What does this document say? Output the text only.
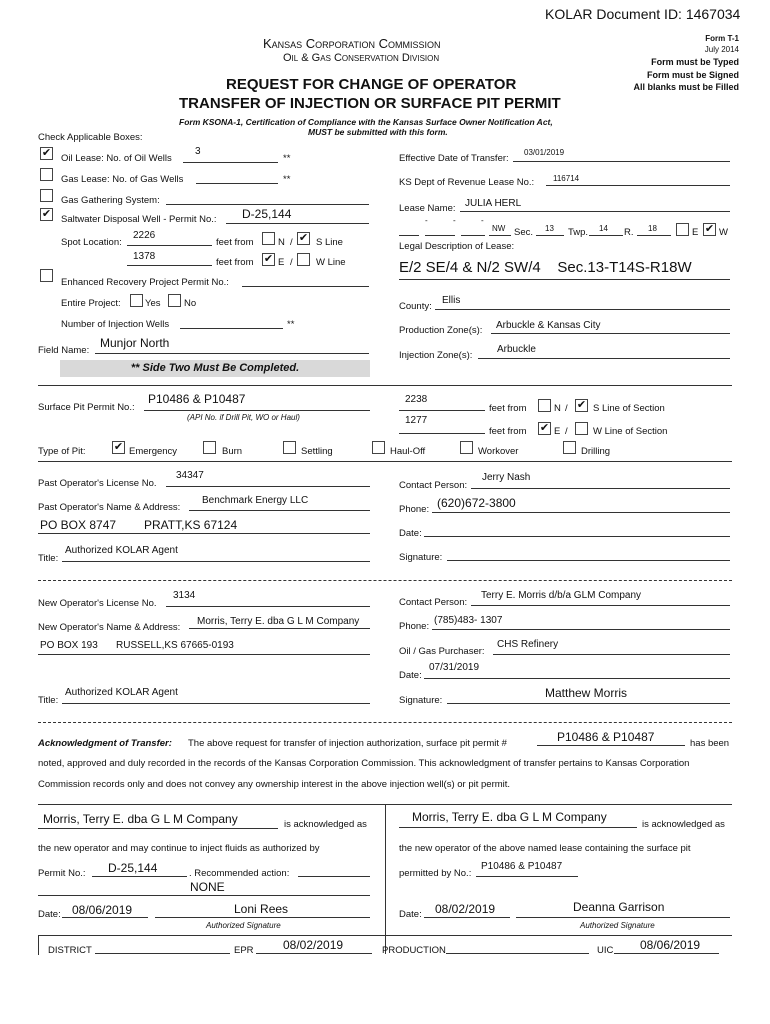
KOLAR Document ID: 1467034
Kansas Corporation Commission
Oil & Gas Conservation Division
Form T-1
July 2014
Form must be Typed
Form must be Signed
All blanks must be Filled
REQUEST FOR CHANGE OF OPERATOR
TRANSFER OF INJECTION OR SURFACE PIT PERMIT
Form KSONA-1, Certification of Compliance with the Kansas Surface Owner Notification Act,
MUST be submitted with this form.
Check Applicable Boxes:
✔ Oil Lease: No. of Oil Wells
3
**
Gas Lease: No. of Gas Wells	**
Gas Gathering System:
✔ Saltwater Disposal Well - Permit No.: D-25,144
Spot Location:
2226
feet from	N / ✔ S Line
1378
feet from ✔ E / W Line
Enhanced Recovery Project Permit No.:
Entire Project:	Yes No
Number of Injection Wells	**
Field Name:
Munjor North
** Side Two Must Be Completed.
Effective Date of Transfer:
03/01/2019
KS Dept of Revenue Lease No.: 116714
Lease Name: JULIA HERL
-	-	-
NW Sec. 13 Twp. 14 R. 18	E ✔ W
Legal Description of Lease:
E/2 SE/4 & N/2 SW/4    Sec.13-T14S-R18W
County:
Ellis
Production Zone(s): Arbuckle & Kansas City
Injection Zone(s):
Arbuckle
Surface Pit Permit No.:
P10486 & P10487
(API No. if Drill Pit, WO or Haul)
2238
feet from	N / ✔ S Line of Section
1277
feet from ✔ E /	W Line of Section
Type of Pit:	✔ Emergency	Burn	Settling	Haul-Off	Workover	Drilling
Past Operator's License No.
34347
Past Operator's Name & Address:
Benchmark Energy LLC
PO BOX 8747 PRATT,KS 67124
Title:
Authorized KOLAR Agent
Contact Person:
Jerry Nash
Phone: (620)672-3800
Date:
Signature:
New Operator's License No.
3134
New Operator's Name & Address:
Morris, Terry E. dba G L M Company
PO BOX 193 RUSSELL,KS 67665-0193
Title:
Authorized KOLAR Agent
Contact Person:
Terry E. Morris d/b/a GLM Company
Phone:
(785)483- 1307
Oil / Gas Purchaser:
CHS Refinery
Date:
07/31/2019
Signature:
Matthew Morris
Acknowledgment of Transfer: The above request for transfer of injection authorization, surface pit permit #	P10486 & P10487	has been
noted, approved and duly recorded in the records of the Kansas Corporation Commission. This acknowledgment of transfer pertains to Kansas Corporation
Commission records only and does not convey any ownership interest in the above injection well(s) or pit permit.
Morris, Terry E. dba G L M Company	is acknowledged as
the new operator and may continue to inject fluids as authorized by
Permit No.: D-25,144	. Recommended action:
NONE
Date: 08/06/2019	Loni Rees
Authorized Signature
Morris, Terry E. dba G L M Company
is acknowledged as
the new operator of the above named lease containing the surface pit
permitted by No.:
P10486 & P10487
Date: 08/02/2019	Deanna Garrison
Authorized Signature
DISTRICT	EPR 08/02/2019	PRODUCTION	UIC 08/06/2019
